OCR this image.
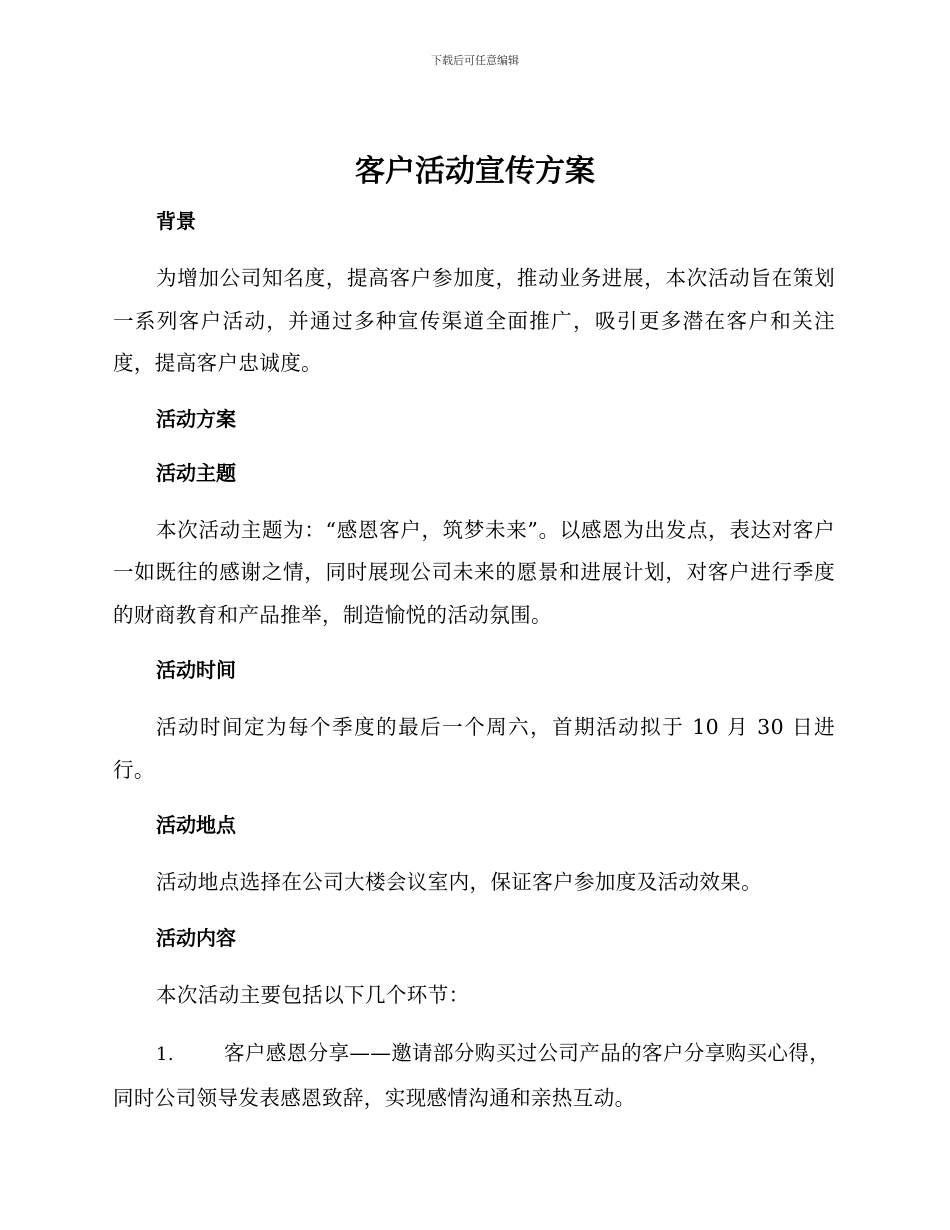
下载后可任意编辑
客户活动宣传方案

背景

为增加公司知名度，提高客户参加度，推动业务进展，本次活动旨在策划一系列客户活动，并通过多种宣传渠道全面推广，吸引更多潜在客户和关注度，提高客户忠诚度。

活动方案

活动主题

本次活动主题为：“感恩客户，筑梦未来”。以感恩为出发点，表达对客户一如既往的感谢之情，同时展现公司未来的愿景和进展计划，对客户进行季度的财商教育和产品推举，制造愉悦的活动氛围。

活动时间

活动时间定为每个季度的最后一个周六，首期活动拟于 10 月 30 日进行。

活动地点

活动地点选择在公司大楼会议室内，保证客户参加度及活动效果。

活动内容

本次活动主要包括以下几个环节：

1. 客户感恩分享——邀请部分购买过公司产品的客户分享购买心得，同时公司领导发表感恩致辞，实现感情沟通和亲热互动。
